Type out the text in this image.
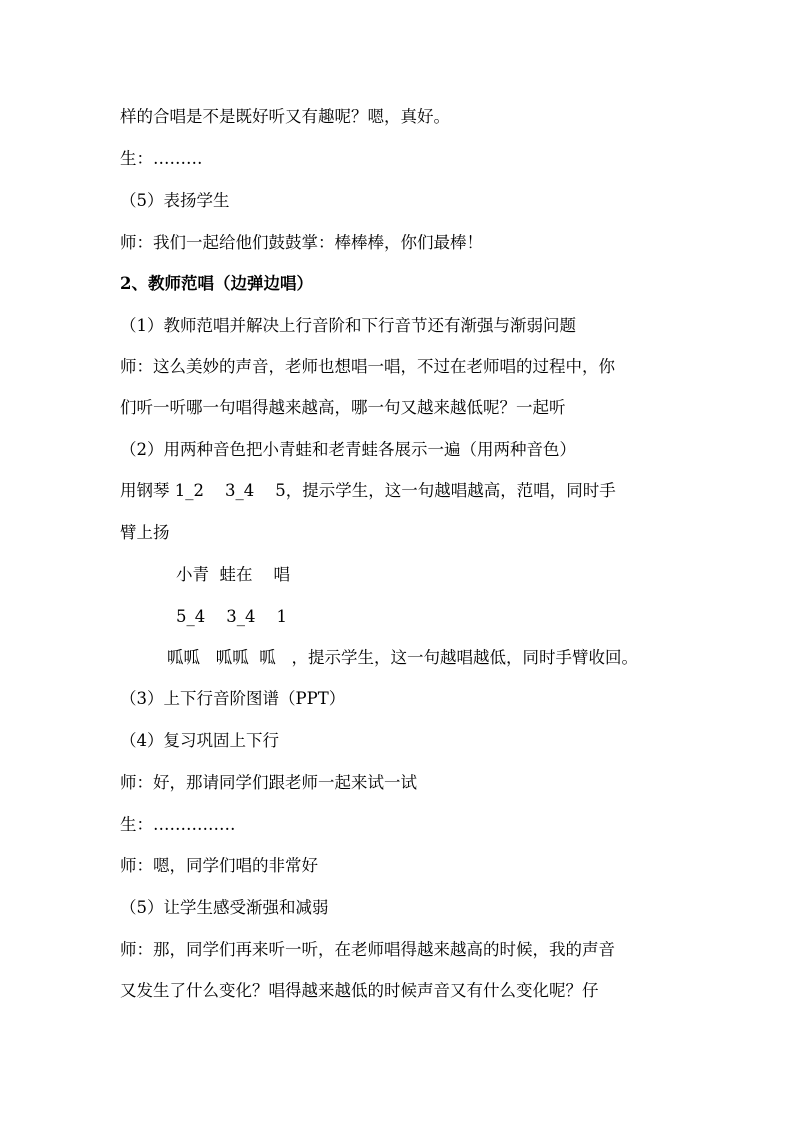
样的合唱是不是既好听又有趣呢？嗯，真好。
生：………
（5）表扬学生
师：我们一起给他们鼓鼓掌：棒棒棒，你们最棒！
2、教师范唱（边弹边唱）
（1）教师范唱并解决上行音阶和下行音节还有渐强与渐弱问题
师：这么美妙的声音，老师也想唱一唱，不过在老师唱的过程中，你
们听一听哪一句唱得越来越高，哪一句又越来越低呢？一起听
（2）用两种音色把小青蛙和老青蛙各展示一遍（用两种音色）
用钢琴 1_2    3_4    5，提示学生，这一句越唱越高，范唱，同时手
臂上扬
小青  蛙在    唱
5_4    3_4    1
呱呱   呱呱  呱   ，提示学生，这一句越唱越低，同时手臂收回。
（3）上下行音阶图谱（PPT）
（4）复习巩固上下行
师：好，那请同学们跟老师一起来试一试
生：……………
师：嗯，同学们唱的非常好
（5）让学生感受渐强和减弱
师：那，同学们再来听一听，在老师唱得越来越高的时候，我的声音
又发生了什么变化？唱得越来越低的时候声音又有什么变化呢？仔
